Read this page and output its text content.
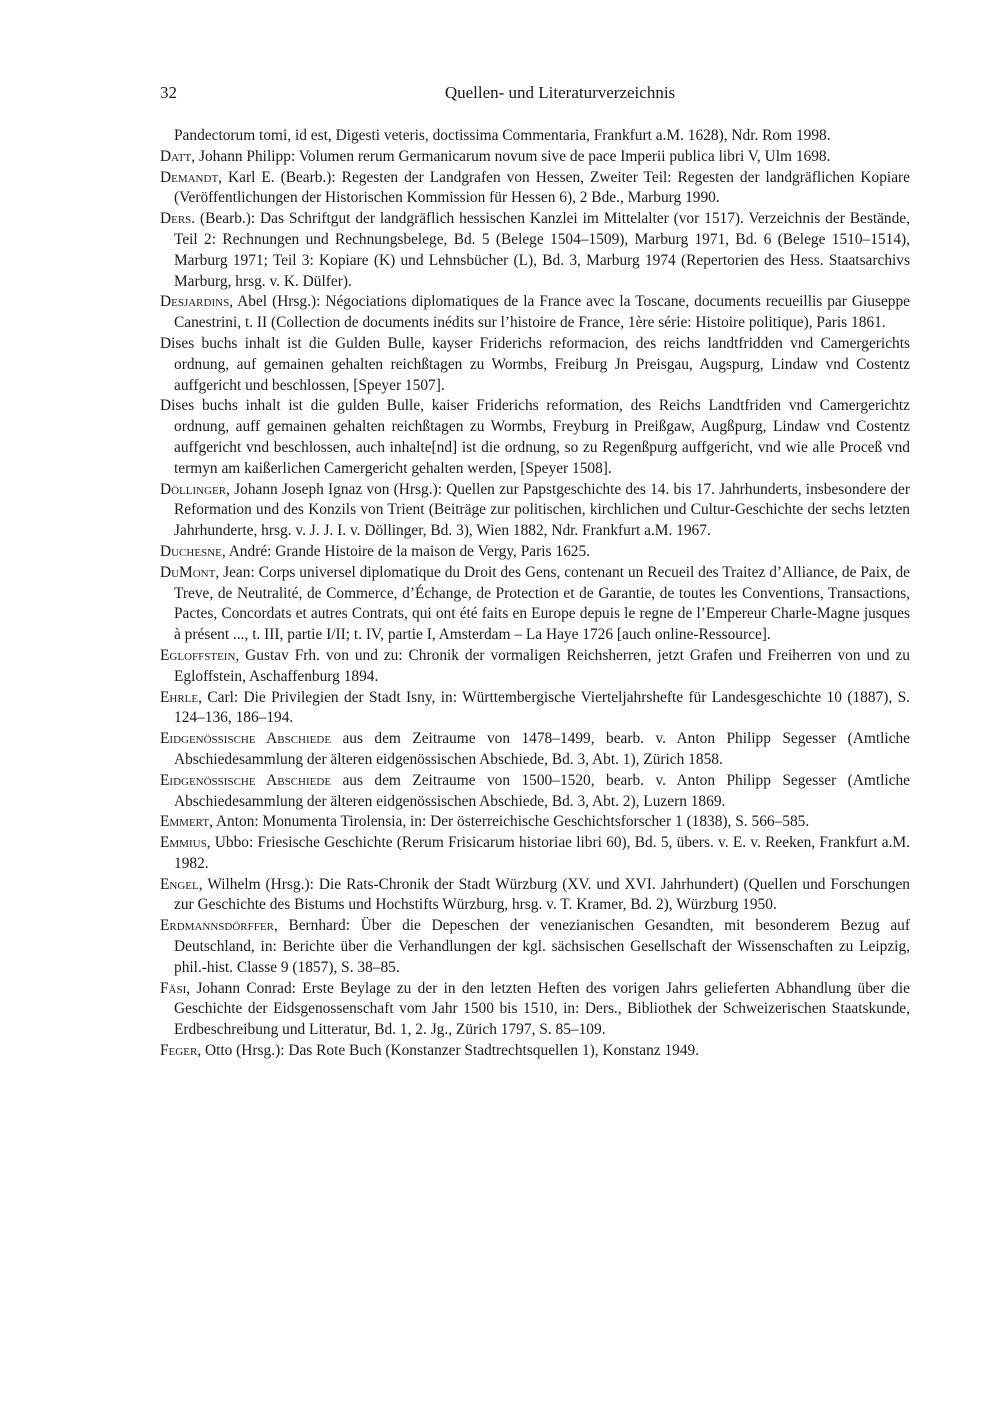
32	Quellen- und Literaturverzeichnis

Pandectorum tomi, id est, Digesti veteris, doctissima Commentaria, Frankfurt a.M. 1628), Ndr. Rom 1998.

Datt, Johann Philipp: Volumen rerum Germanicarum novum sive de pace Imperii publica libri V, Ulm 1698.

Demandt, Karl E. (Bearb.): Regesten der Landgrafen von Hessen, Zweiter Teil: Regesten der landgräflichen Kopiare (Veröffentlichungen der Historischen Kommission für Hessen 6), 2 Bde., Marburg 1990.

Ders. (Bearb.): Das Schriftgut der landgräflich hessischen Kanzlei im Mittelalter (vor 1517). Verzeichnis der Bestände, Teil 2: Rechnungen und Rechnungsbelege, Bd. 5 (Belege 1504–1509), Marburg 1971, Bd. 6 (Belege 1510–1514), Marburg 1971; Teil 3: Kopiare (K) und Lehnsbücher (L), Bd. 3, Marburg 1974 (Repertorien des Hess. Staatsarchivs Marburg, hrsg. v. K. Dülfer).

Desjardins, Abel (Hrsg.): Négociations diplomatiques de la France avec la Toscane, documents recueillis par Giuseppe Canestrini, t. II (Collection de documents inédits sur l’histoire de France, 1ère série: Histoire politique), Paris 1861.

Dises buchs inhalt ist die Gulden Bulle, kayser Friderichs reformacion, des reichs landtfridden vnd Camergerichts ordnung, auf gemainen gehalten reichßtagen zu Wormbs, Freiburg Jn Preisgau, Augspurg, Lindaw vnd Costentz auffgericht und beschlossen, [Speyer 1507].

Dises buchs inhalt ist die gulden Bulle, kaiser Friderichs reformation, des Reichs Landtfriden vnd Camergerichtz ordnung, auff gemainen gehalten reichßtagen zu Wormbs, Freyburg in Preißgaw, Augßpurg, Lindaw vnd Costentz auffgericht vnd beschlossen, auch inhalte[nd] ist die ordnung, so zu Regenßpurg auffgericht, vnd wie alle Proceß vnd termyn am kaißerlichen Camergericht gehalten werden, [Speyer 1508].

Döllinger, Johann Joseph Ignaz von (Hrsg.): Quellen zur Papstgeschichte des 14. bis 17. Jahrhunderts, insbesondere der Reformation und des Konzils von Trient (Beiträge zur politischen, kirchlichen und Cultur-Geschichte der sechs letzten Jahrhunderte, hrsg. v. J. J. I. v. Döllinger, Bd. 3), Wien 1882, Ndr. Frankfurt a.M. 1967.

Duchesne, André: Grande Histoire de la maison de Vergy, Paris 1625.

DuMont, Jean: Corps universel diplomatique du Droit des Gens, contenant un Recueil des Traitez d’Alliance, de Paix, de Treve, de Neutralité, de Commerce, d’Échange, de Protection et de Garantie, de toutes les Conventions, Transactions, Pactes, Concordats et autres Contrats, qui ont été faits en Europe depuis le regne de l’Empereur Charle-Magne jusques à présent ..., t. III, partie I/II; t. IV, partie I, Amsterdam – La Haye 1726 [auch online-Ressource].

Egloffstein, Gustav Frh. von und zu: Chronik der vormaligen Reichsherren, jetzt Grafen und Freiherren von und zu Egloffstein, Aschaffenburg 1894.

Ehrle, Carl: Die Privilegien der Stadt Isny, in: Württembergische Vierteljahrshefte für Landesgeschichte 10 (1887), S. 124–136, 186–194.

Eidgenössische Abschiede aus dem Zeitraume von 1478–1499, bearb. v. Anton Philipp Segesser (Amtliche Abschiedesammlung der älteren eidgenössischen Abschiede, Bd. 3, Abt. 1), Zürich 1858.

Eidgenössische Abschiede aus dem Zeitraume von 1500–1520, bearb. v. Anton Philipp Segesser (Amtliche Abschiedesammlung der älteren eidgenössischen Abschiede, Bd. 3, Abt. 2), Luzern 1869.

Emmert, Anton: Monumenta Tirolensia, in: Der österreichische Geschichtsforscher 1 (1838), S. 566–585.

Emmius, Ubbo: Friesische Geschichte (Rerum Frisicarum historiae libri 60), Bd. 5, übers. v. E. v. Reeken, Frankfurt a.M. 1982.

Engel, Wilhelm (Hrsg.): Die Rats-Chronik der Stadt Würzburg (XV. und XVI. Jahrhundert) (Quellen und Forschungen zur Geschichte des Bistums und Hochstifts Würzburg, hrsg. v. T. Kramer, Bd. 2), Würzburg 1950.

Erdmannsdörffer, Bernhard: Über die Depeschen der venezianischen Gesandten, mit besonderem Bezug auf Deutschland, in: Berichte über die Verhandlungen der kgl. sächsischen Gesellschaft der Wissenschaften zu Leipzig, phil.-hist. Classe 9 (1857), S. 38–85.

Fäsi, Johann Conrad: Erste Beylage zu der in den letzten Heften des vorigen Jahrs gelieferten Abhandlung über die Geschichte der Eidsgenossenschaft vom Jahr 1500 bis 1510, in: Ders., Bibliothek der Schweizerischen Staatskunde, Erdbeschreibung und Litteratur, Bd. 1, 2. Jg., Zürich 1797, S. 85–109.

Feger, Otto (Hrsg.): Das Rote Buch (Konstanzer Stadtrechtsquellen 1), Konstanz 1949.
